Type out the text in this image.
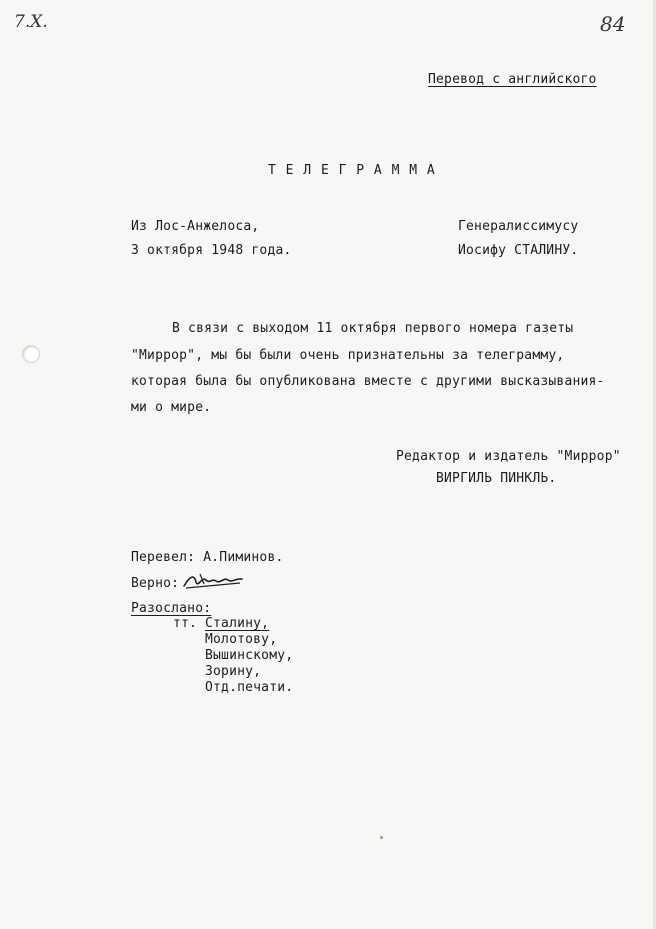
7.X.	84
Перевод с английского
Т Е Л Е Г Р А М М А
Из Лос-Анжелоса,
3 октября 1948 года.
Генералиссимусу
Иосифу СТАЛИНУ.
В связи с выходом 11 октября первого номера газеты
"Миррор", мы бы были очень признательны за телеграмму,
которая была бы опубликована вместе с другими высказывания-
ми о мире.
Редактор и издатель "Миррор"
ВИРГИЛЬ ПИНКЛЬ.
Перевел: А.Пиминов.
Верно:
Разослано:
тт. Сталину,
Молотову,
Вышинскому,
Зорину,
Отд.печати.
